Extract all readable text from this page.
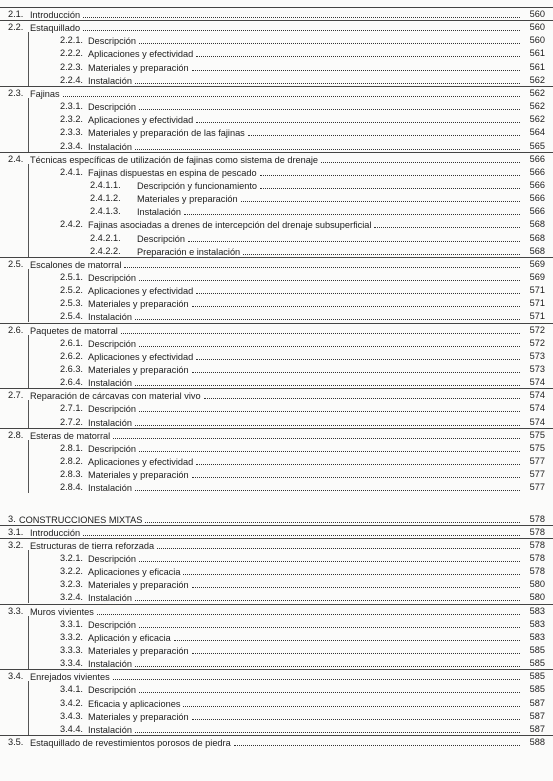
2.1. Introducción	560
2.2. Estaquillado	560
2.2.1. Descripción	560
2.2.2. Aplicaciones y efectividad	561
2.2.3. Materiales y preparación	561
2.2.4. Instalación	562
2.3. Fajinas	562
2.3.1. Descripción	562
2.3.2. Aplicaciones y efectividad	562
2.3.3. Materiales y preparación de las fajinas	564
2.3.4. Instalación	565
2.4. Técnicas específicas de utilización de fajinas como sistema de drenaje	566
2.4.1. Fajinas dispuestas en espina de pescado	566
2.4.1.1. Descripción y funcionamiento	566
2.4.1.2. Materiales y preparación	566
2.4.1.3. Instalación	566
2.4.2. Fajinas asociadas a drenes de intercepción del drenaje subsuperficial	568
2.4.2.1. Descripción	568
2.4.2.2. Preparación e instalación	568
2.5. Escalones de matorral	569
2.5.1. Descripción	569
2.5.2. Aplicaciones y efectividad	571
2.5.3. Materiales y preparación	571
2.5.4. Instalación	571
2.6. Paquetes de matorral	572
2.6.1. Descripción	572
2.6.2. Aplicaciones y efectividad	573
2.6.3. Materiales y preparación	573
2.6.4. Instalación	574
2.7. Reparación de cárcavas con material vivo	574
2.7.1. Descripción	574
2.7.2. Instalación	574
2.8. Esteras de matorral	575
2.8.1. Descripción	575
2.8.2. Aplicaciones y efectividad	577
2.8.3. Materiales y preparación	577
2.8.4. Instalación	577
3. CONSTRUCCIONES MIXTAS	578
3.1. Introducción	578
3.2. Estructuras de tierra reforzada	578
3.2.1. Descripción	578
3.2.2. Aplicaciones y eficacia	578
3.2.3. Materiales y preparación	580
3.2.4. Instalación	580
3.3. Muros vivientes	583
3.3.1. Descripción	583
3.3.2. Aplicación y eficacia	583
3.3.3. Materiales y preparación	585
3.3.4. Instalación	585
3.4. Enrejados vivientes	585
3.4.1. Descripción	585
3.4.2. Eficacia y aplicaciones	587
3.4.3. Materiales y preparación	587
3.4.4. Instalación	587
3.5. Estaquillado de revestimientos porosos de piedra	588
